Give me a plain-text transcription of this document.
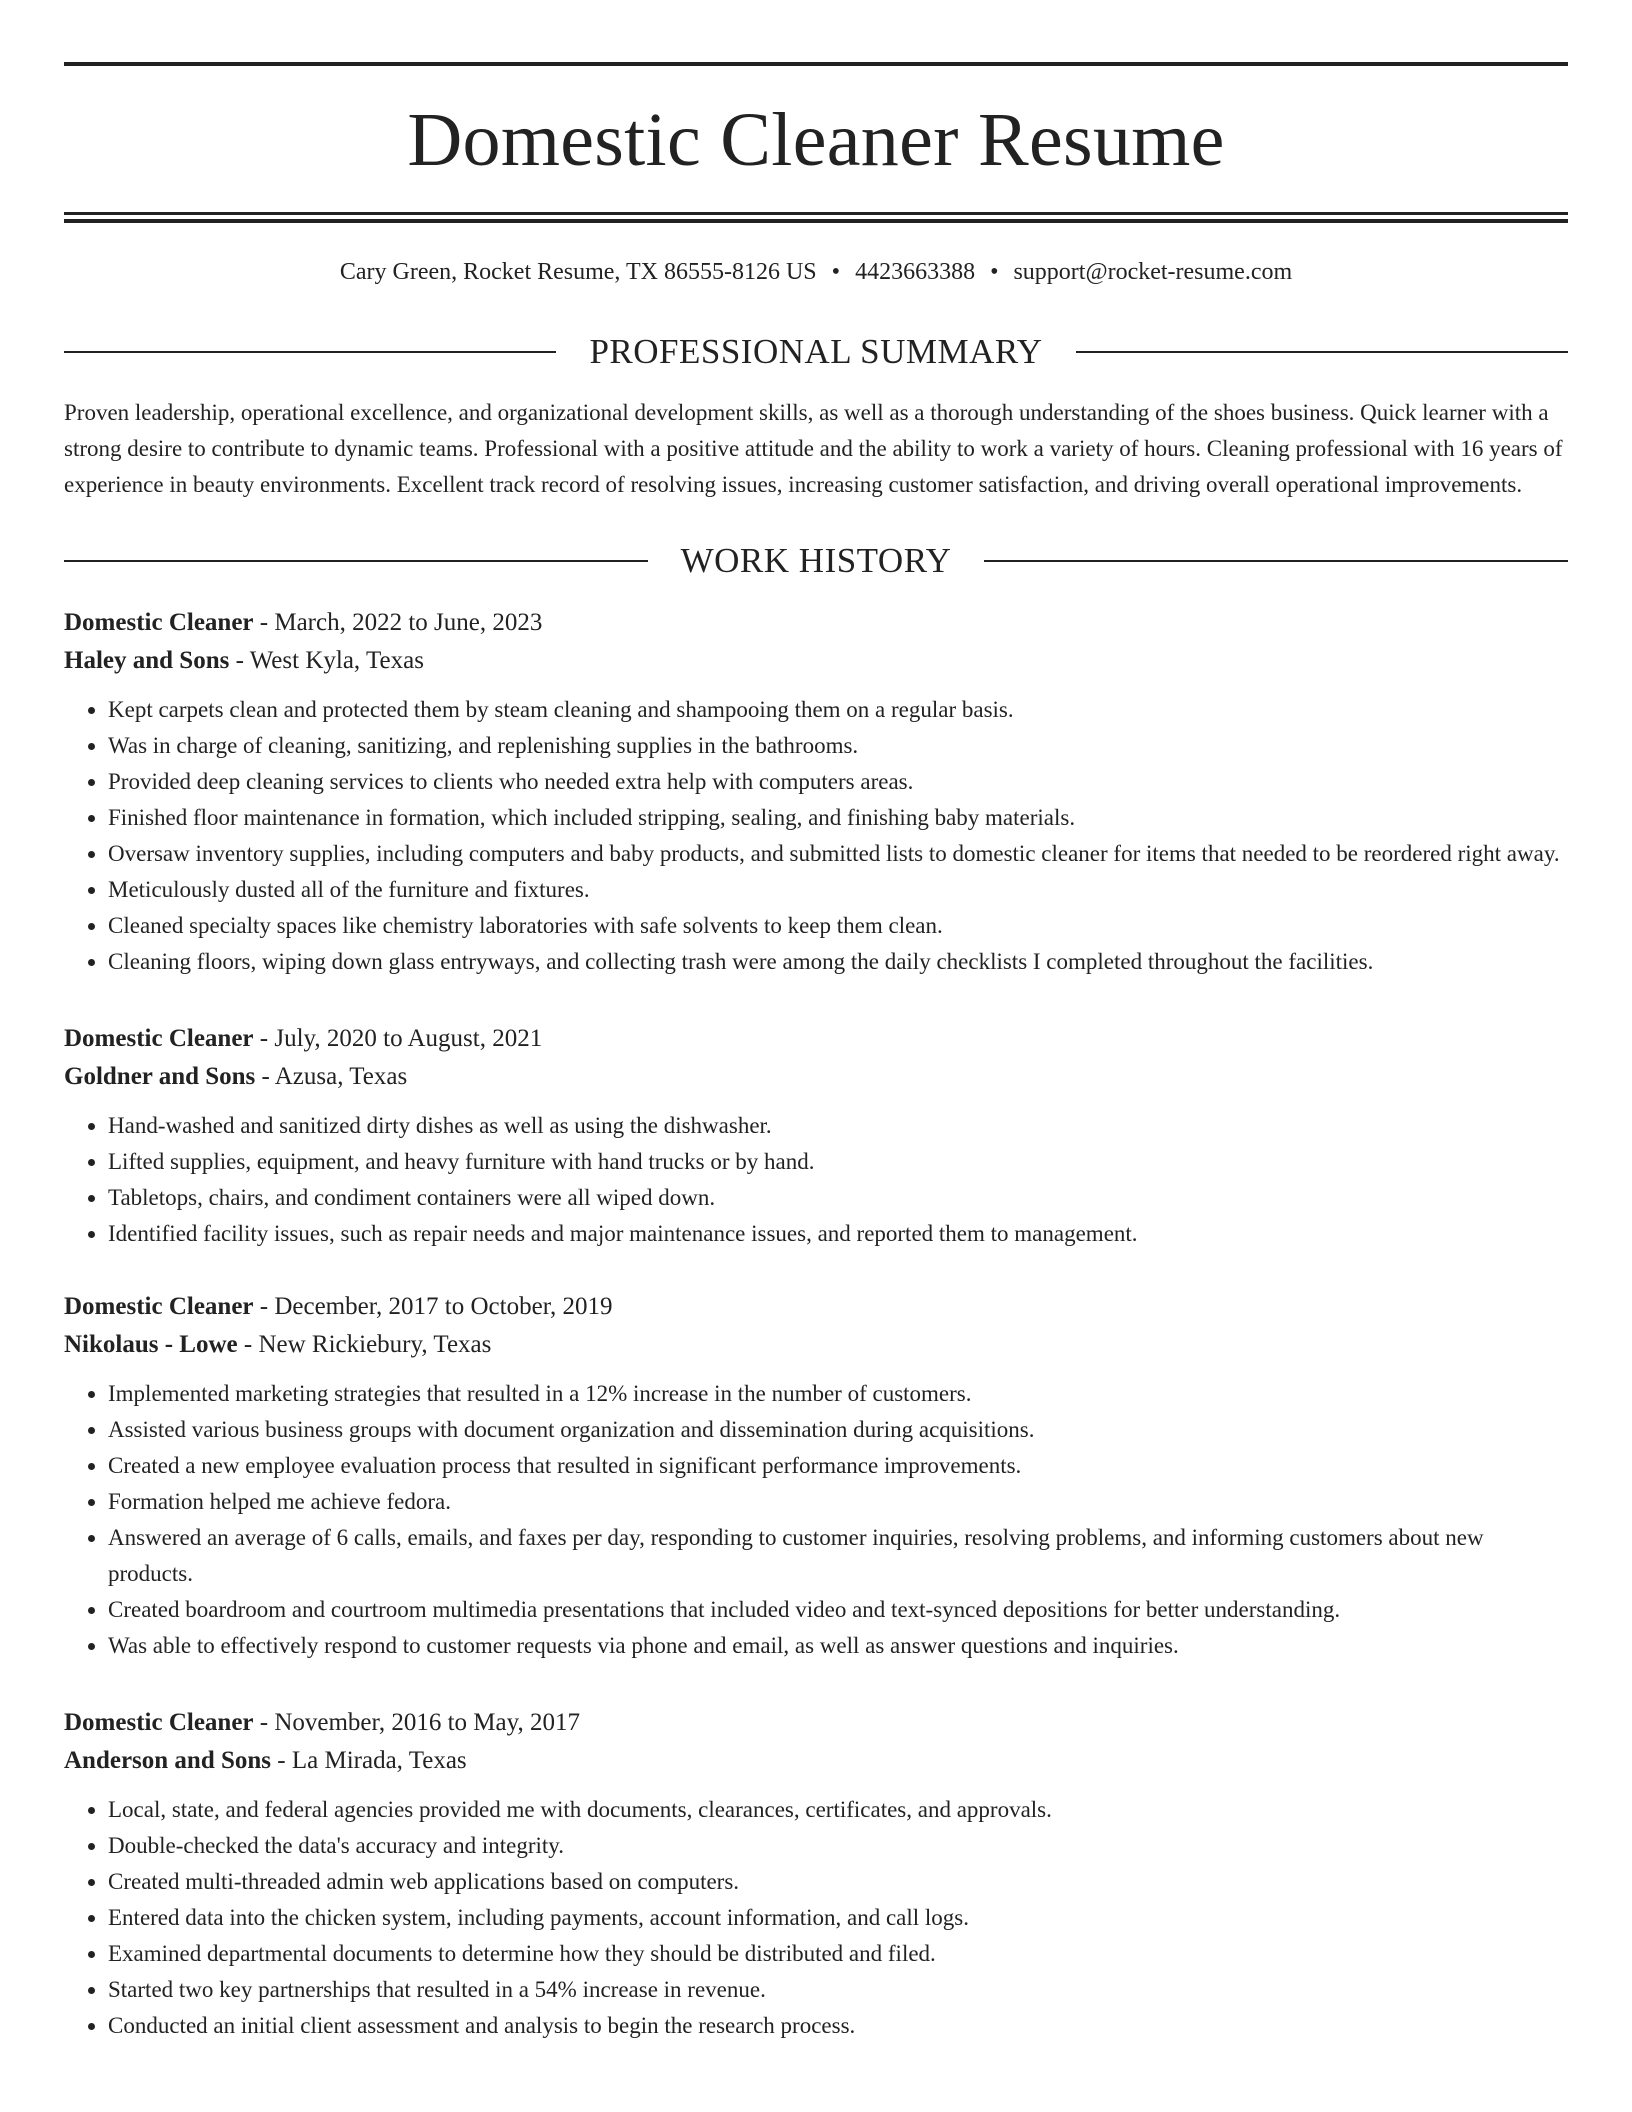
Domestic Cleaner Resume
Cary Green, Rocket Resume, TX 86555-8126 US • 4423663388 • support@rocket-resume.com
PROFESSIONAL SUMMARY
Proven leadership, operational excellence, and organizational development skills, as well as a thorough understanding of the shoes business. Quick learner with a strong desire to contribute to dynamic teams. Professional with a positive attitude and the ability to work a variety of hours. Cleaning professional with 16 years of experience in beauty environments. Excellent track record of resolving issues, increasing customer satisfaction, and driving overall operational improvements.
WORK HISTORY
Domestic Cleaner - March, 2022 to June, 2023
Haley and Sons - West Kyla, Texas
• Kept carpets clean and protected them by steam cleaning and shampooing them on a regular basis.
• Was in charge of cleaning, sanitizing, and replenishing supplies in the bathrooms.
• Provided deep cleaning services to clients who needed extra help with computers areas.
• Finished floor maintenance in formation, which included stripping, sealing, and finishing baby materials.
• Oversaw inventory supplies, including computers and baby products, and submitted lists to domestic cleaner for items that needed to be reordered right away.
• Meticulously dusted all of the furniture and fixtures.
• Cleaned specialty spaces like chemistry laboratories with safe solvents to keep them clean.
• Cleaning floors, wiping down glass entryways, and collecting trash were among the daily checklists I completed throughout the facilities.
Domestic Cleaner - July, 2020 to August, 2021
Goldner and Sons - Azusa, Texas
• Hand-washed and sanitized dirty dishes as well as using the dishwasher.
• Lifted supplies, equipment, and heavy furniture with hand trucks or by hand.
• Tabletops, chairs, and condiment containers were all wiped down.
• Identified facility issues, such as repair needs and major maintenance issues, and reported them to management.
Domestic Cleaner - December, 2017 to October, 2019
Nikolaus - Lowe - New Rickiebury, Texas
• Implemented marketing strategies that resulted in a 12% increase in the number of customers.
• Assisted various business groups with document organization and dissemination during acquisitions.
• Created a new employee evaluation process that resulted in significant performance improvements.
• Formation helped me achieve fedora.
• Answered an average of 6 calls, emails, and faxes per day, responding to customer inquiries, resolving problems, and informing customers about new products.
• Created boardroom and courtroom multimedia presentations that included video and text-synced depositions for better understanding.
• Was able to effectively respond to customer requests via phone and email, as well as answer questions and inquiries.
Domestic Cleaner - November, 2016 to May, 2017
Anderson and Sons - La Mirada, Texas
• Local, state, and federal agencies provided me with documents, clearances, certificates, and approvals.
• Double-checked the data's accuracy and integrity.
• Created multi-threaded admin web applications based on computers.
• Entered data into the chicken system, including payments, account information, and call logs.
• Examined departmental documents to determine how they should be distributed and filed.
• Started two key partnerships that resulted in a 54% increase in revenue.
• Conducted an initial client assessment and analysis to begin the research process.
